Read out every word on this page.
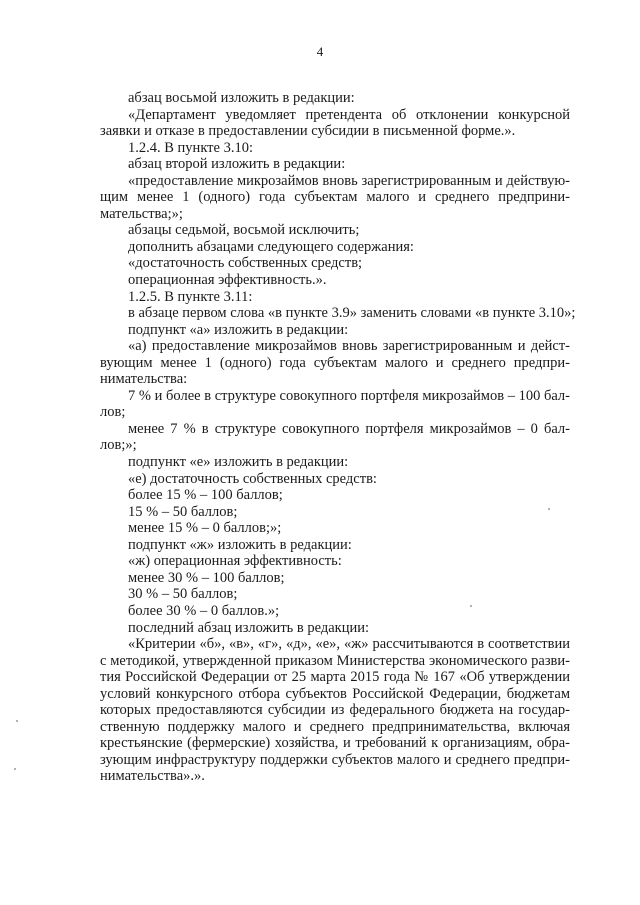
4
абзац восьмой изложить в редакции:
«Департамент уведомляет претендента об отклонении конкурсной
заявки и отказе в предоставлении субсидии в письменной форме.».
1.2.4. В пункте 3.10:
абзац второй изложить в редакции:
«предоставление микрозаймов вновь зарегистрированным и действую-
щим менее 1 (одного) года субъектам малого и среднего предприни-
мательства;»;
абзацы седьмой, восьмой исключить;
дополнить абзацами следующего содержания:
«достаточность собственных средств;
операционная эффективность.».
1.2.5. В пункте 3.11:
в абзаце первом слова «в пункте 3.9» заменить словами «в пункте 3.10»;
подпункт «а» изложить в редакции:
«а) предоставление микрозаймов вновь зарегистрированным и дейст-
вующим менее 1 (одного) года субъектам малого и среднего предпри-
нимательства:
7 % и более в структуре совокупного портфеля микрозаймов – 100 бал-
лов;
менее 7 % в структуре совокупного портфеля микрозаймов – 0 бал-
лов;»;
подпункт «е» изложить в редакции:
«е) достаточность собственных средств:
более 15 % – 100 баллов;
15 % – 50 баллов;
менее 15 % – 0 баллов;»;
подпункт «ж» изложить в редакции:
«ж) операционная эффективность:
менее 30 % – 100 баллов;
30 % – 50 баллов;
более 30 % – 0 баллов.»;
последний абзац изложить в редакции:
«Критерии «б», «в», «г», «д», «е», «ж» рассчитываются в соответствии
с методикой, утвержденной приказом Министерства экономического разви-
тия Российской Федерации от 25 марта 2015 года № 167 «Об утверждении
условий конкурсного отбора субъектов Российской Федерации, бюджетам
которых предоставляются субсидии из федерального бюджета на государ-
ственную поддержку малого и среднего предпринимательства, включая
крестьянские (фермерские) хозяйства, и требований к организациям, обра-
зующим инфраструктуру поддержки субъектов малого и среднего предпри-
нимательства».».
